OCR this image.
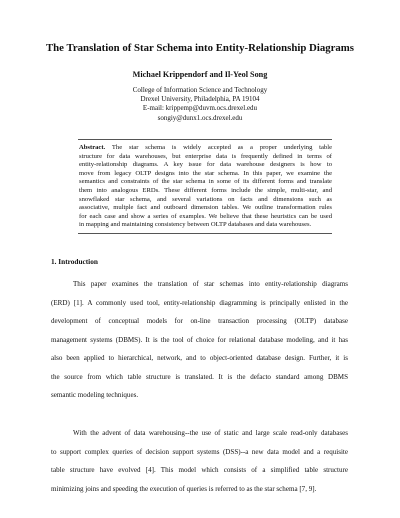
The Translation of Star Schema into Entity-Relationship Diagrams
Michael Krippendorf and Il-Yeol Song
College of Information Science and Technology
Drexel University, Philadelphia, PA 19104
E-mail: krippemp@duvm.ocs.drexel.edu
songiy@dunx1.ocs.drexel.edu
Abstract. The star schema is widely accepted as a proper underlying table
structure for data warehouses, but enterprise data is frequently defined in terms of
entity-relationship diagrams. A key issue for data warehouse designers is how to
move from legacy OLTP designs into the star schema. In this paper, we examine the
semantics and constraints of the star schema in some of its different forms and translate
them into analogous ERDs. These different forms include the simple, multi-star, and
snowflaked star schema, and several variations on facts and dimensions such as
associative, multple fact and outboard dimension tables. We outline transformation rules
for each case and show a series of examples. We believe that these heuristics can be used
in mapping and maintaining consistency between OLTP databases and data warehouses.
1. Introduction
This paper examines the translation of star schemas into entity-relationship diagrams
(ERD) [1]. A commonly used tool, entity-relationship diagramming is principally enlisted in the
development of conceptual models for on-line transaction processing (OLTP) database
management systems (DBMS). It is the tool of choice for relational database modeling, and it has
also been applied to hierarchical, network, and to object-oriented database design. Further, it is
the source from which table structure is translated. It is the defacto standard among DBMS
semantic modeling techniques.
With the advent of data warehousing--the use of static and large scale read-only databases
to support complex queries of decision support systems (DSS)--a new data model and a requisite
table structure have evolved [4]. This model which consists of a simplified table structure
minimizing joins and speeding the execution of queries is referred to as the star schema [7, 9].
